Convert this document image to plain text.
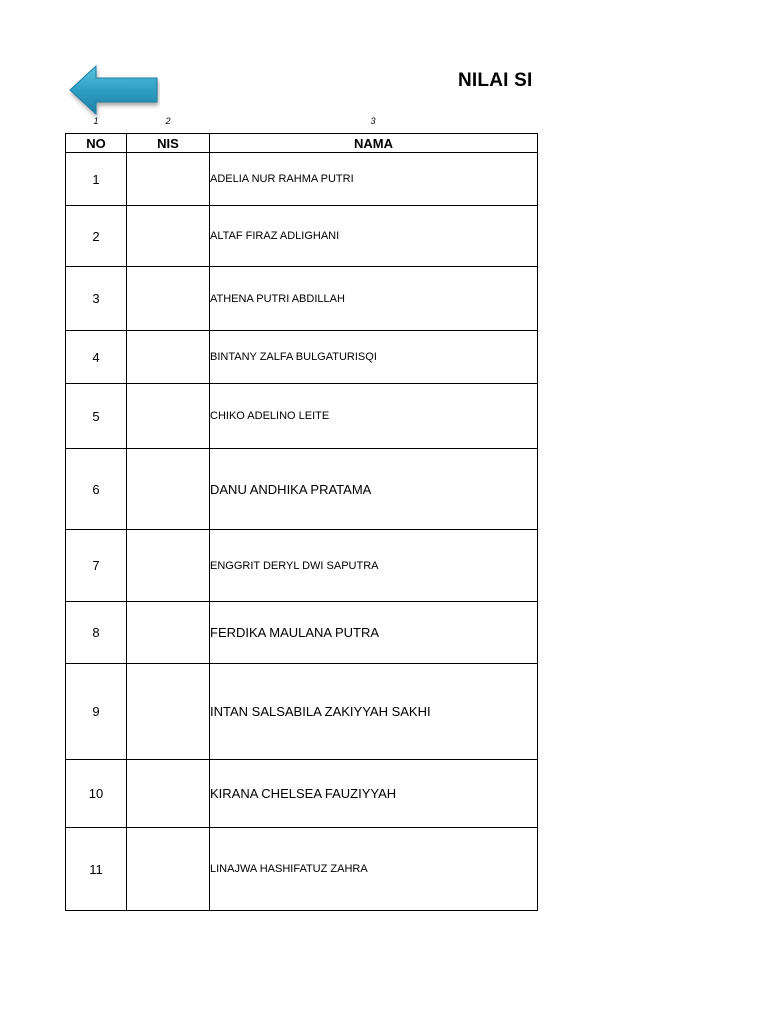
NILAI SI
1	2	3
NO	NIS	NAMA
1		ADELIA NUR RAHMA PUTRI
2		ALTAF FIRAZ ADLIGHANI
3		ATHENA PUTRI ABDILLAH
4		BINTANY ZALFA BULGATURISQI
5		CHIKO ADELINO LEITE
6		DANU ANDHIKA PRATAMA
7		ENGGRIT DERYL DWI SAPUTRA
8		FERDIKA MAULANA PUTRA
9		INTAN SALSABILA ZAKIYYAH SAKHI
10		KIRANA CHELSEA FAUZIYYAH
11		LINAJWA HASHIFATUZ ZAHRA
